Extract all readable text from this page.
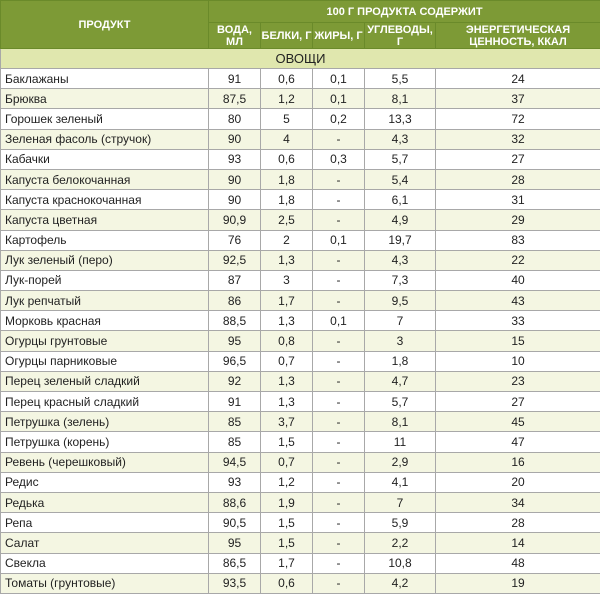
ПРОДУКТ	100 Г ПРОДУКТА СОДЕРЖИТ				
	ВОДА, МЛ	БЕЛКИ, Г	ЖИРЫ, Г	УГЛЕВОДЫ, Г	ЭНЕРГЕТИЧЕСКАЯ ЦЕННОСТЬ, ККАЛ
ОВОЩИ					
Баклажаны	91	0,6	0,1	5,5	24
Брюква	87,5	1,2	0,1	8,1	37
Горошек зеленый	80	5	0,2	13,3	72
Зеленая фасоль (стручок)	90	4	-	4,3	32
Кабачки	93	0,6	0,3	5,7	27
Капуста белокочанная	90	1,8	-	5,4	28
Капуста краснокочанная	90	1,8	-	6,1	31
Капуста цветная	90,9	2,5	-	4,9	29
Картофель	76	2	0,1	19,7	83
Лук зеленый (перо)	92,5	1,3	-	4,3	22
Лук-порей	87	3	-	7,3	40
Лук репчатый	86	1,7	-	9,5	43
Морковь красная	88,5	1,3	0,1	7	33
Огурцы грунтовые	95	0,8	-	3	15
Огурцы парниковые	96,5	0,7	-	1,8	10
Перец зеленый сладкий	92	1,3	-	4,7	23
Перец красный сладкий	91	1,3	-	5,7	27
Петрушка (зелень)	85	3,7	-	8,1	45
Петрушка (корень)	85	1,5	-	11	47
Ревень (черешковый)	94,5	0,7	-	2,9	16
Редис	93	1,2	-	4,1	20
Редька	88,6	1,9	-	7	34
Репа	90,5	1,5	-	5,9	28
Салат	95	1,5	-	2,2	14
Свекла	86,5	1,7	-	10,8	48
Томаты (грунтовые)	93,5	0,6	-	4,2	19
